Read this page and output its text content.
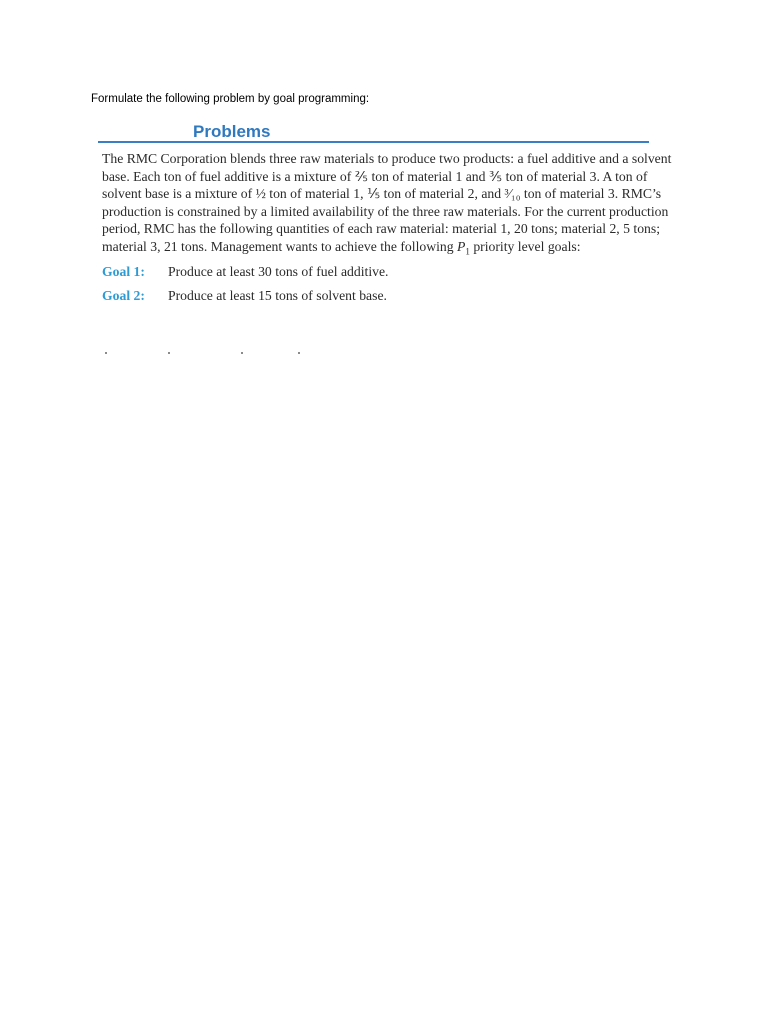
Formulate the following problem by goal programming:
Problems
The RMC Corporation blends three raw materials to produce two products: a fuel additive and a solvent base. Each ton of fuel additive is a mixture of ⅖ ton of material 1 and ⅗ ton of material 3. A ton of solvent base is a mixture of ½ ton of material 1, ⅕ ton of material 2, and ³⁄₁₀ ton of material 3. RMC’s production is constrained by a limited availability of the three raw materials. For the current production period, RMC has the following quantities of each raw material: material 1, 20 tons; material 2, 5 tons; material 3, 21 tons. Management wants to achieve the following $P_1$ priority level goals:
Goal 1: Produce at least 30 tons of fuel additive.
Goal 2: Produce at least 15 tons of solvent base.
